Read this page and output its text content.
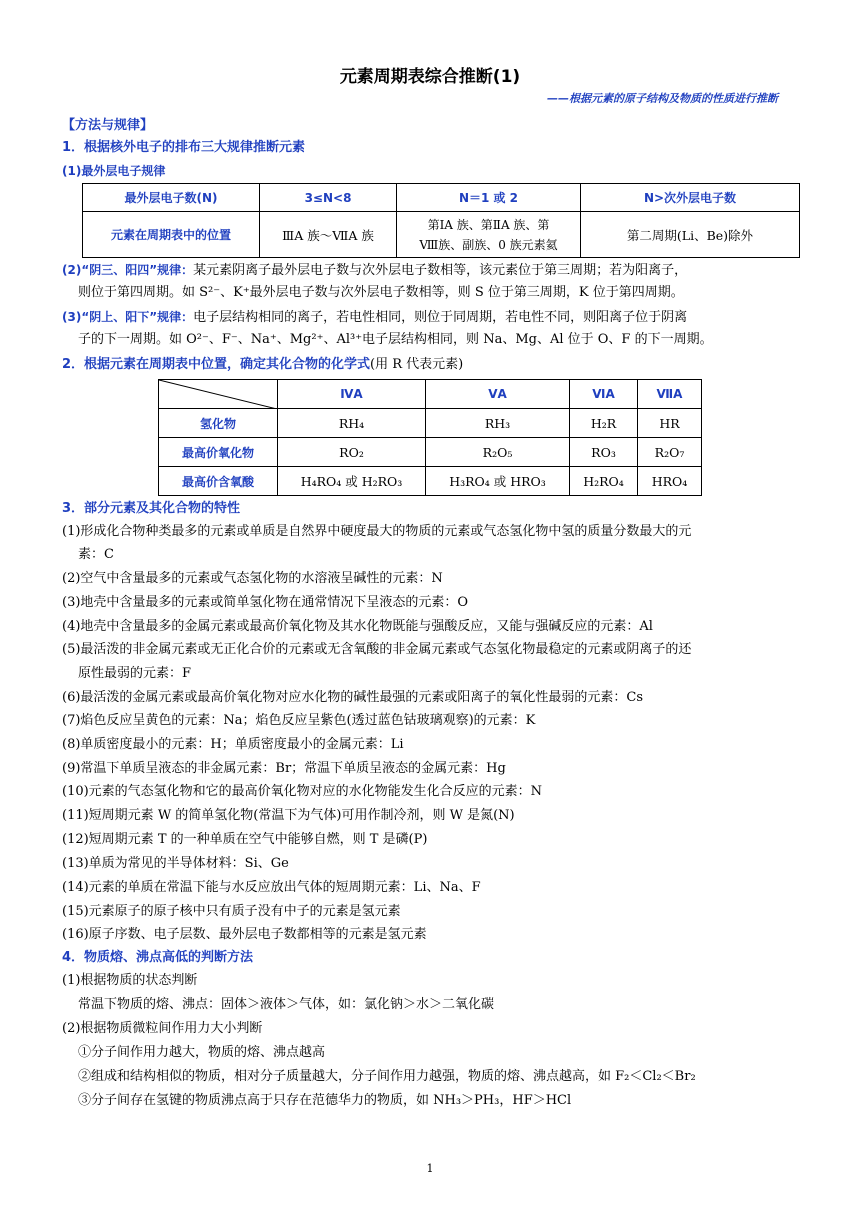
元素周期表综合推断(1)
——根据元素的原子结构及物质的性质进行推断
【方法与规律】
1．根据核外电子的排布三大规律推断元素
(1)最外层电子规律
最外层电子数(N)	3≤N<8	N＝1 或 2	N>次外层电子数
元素在周期表中的位置	ⅢA 族～ⅦA 族	第ⅠA 族、第ⅡA 族、第
Ⅷ族、副族、0 族元素氦	第二周期(Li、Be)除外
(2)“阴三、阳四”规律：某元素阴离子最外层电子数与次外层电子数相等，该元素位于第三周期；若为阳离子，
则位于第四周期。如 S²⁻、K⁺最外层电子数与次外层电子数相等，则 S 位于第三周期，K 位于第四周期。
(3)“阴上、阳下”规律：电子层结构相同的离子，若电性相同，则位于同周期，若电性不同，则阳离子位于阴离
子的下一周期。如 O²⁻、F⁻、Na⁺、Mg²⁺、Al³⁺电子层结构相同，则 Na、Mg、Al 位于 O、F 的下一周期。
2．根据元素在周期表中位置，确定其化合物的化学式(用 R 代表元素)
	ⅣA	ⅤA	ⅥA	ⅦA
氢化物	RH₄	RH₃	H₂R	HR
最高价氧化物	RO₂	R₂O₅	RO₃	R₂O₇
最高价含氧酸	H₄RO₄ 或 H₂RO₃	H₃RO₄ 或 HRO₃	H₂RO₄	HRO₄
3．部分元素及其化合物的特性
(1)形成化合物种类最多的元素或单质是自然界中硬度最大的物质的元素或气态氢化物中氢的质量分数最大的元
素：C
(2)空气中含量最多的元素或气态氢化物的水溶液呈碱性的元素：N
(3)地壳中含量最多的元素或简单氢化物在通常情况下呈液态的元素：O
(4)地壳中含量最多的金属元素或最高价氧化物及其水化物既能与强酸反应，又能与强碱反应的元素：Al
(5)最活泼的非金属元素或无正化合价的元素或无含氧酸的非金属元素或气态氢化物最稳定的元素或阴离子的还
原性最弱的元素：F
(6)最活泼的金属元素或最高价氧化物对应水化物的碱性最强的元素或阳离子的氧化性最弱的元素：Cs
(7)焰色反应呈黄色的元素：Na；焰色反应呈紫色(透过蓝色钴玻璃观察)的元素：K
(8)单质密度最小的元素：H；单质密度最小的金属元素：Li
(9)常温下单质呈液态的非金属元素：Br；常温下单质呈液态的金属元素：Hg
(10)元素的气态氢化物和它的最高价氧化物对应的水化物能发生化合反应的元素：N
(11)短周期元素 W 的简单氢化物(常温下为气体)可用作制冷剂，则 W 是氮(N)
(12)短周期元素 T 的一种单质在空气中能够自燃，则 T 是磷(P)
(13)单质为常见的半导体材料：Si、Ge
(14)元素的单质在常温下能与水反应放出气体的短周期元素：Li、Na、F
(15)元素原子的原子核中只有质子没有中子的元素是氢元素
(16)原子序数、电子层数、最外层电子数都相等的元素是氢元素
4．物质熔、沸点高低的判断方法
(1)根据物质的状态判断
常温下物质的熔、沸点：固体＞液体＞气体，如：氯化钠＞水＞二氧化碳
(2)根据物质微粒间作用力大小判断
①分子间作用力越大，物质的熔、沸点越高
②组成和结构相似的物质，相对分子质量越大，分子间作用力越强，物质的熔、沸点越高，如 F₂＜Cl₂＜Br₂
③分子间存在氢键的物质沸点高于只存在范德华力的物质，如 NH₃＞PH₃，HF＞HCl
1
